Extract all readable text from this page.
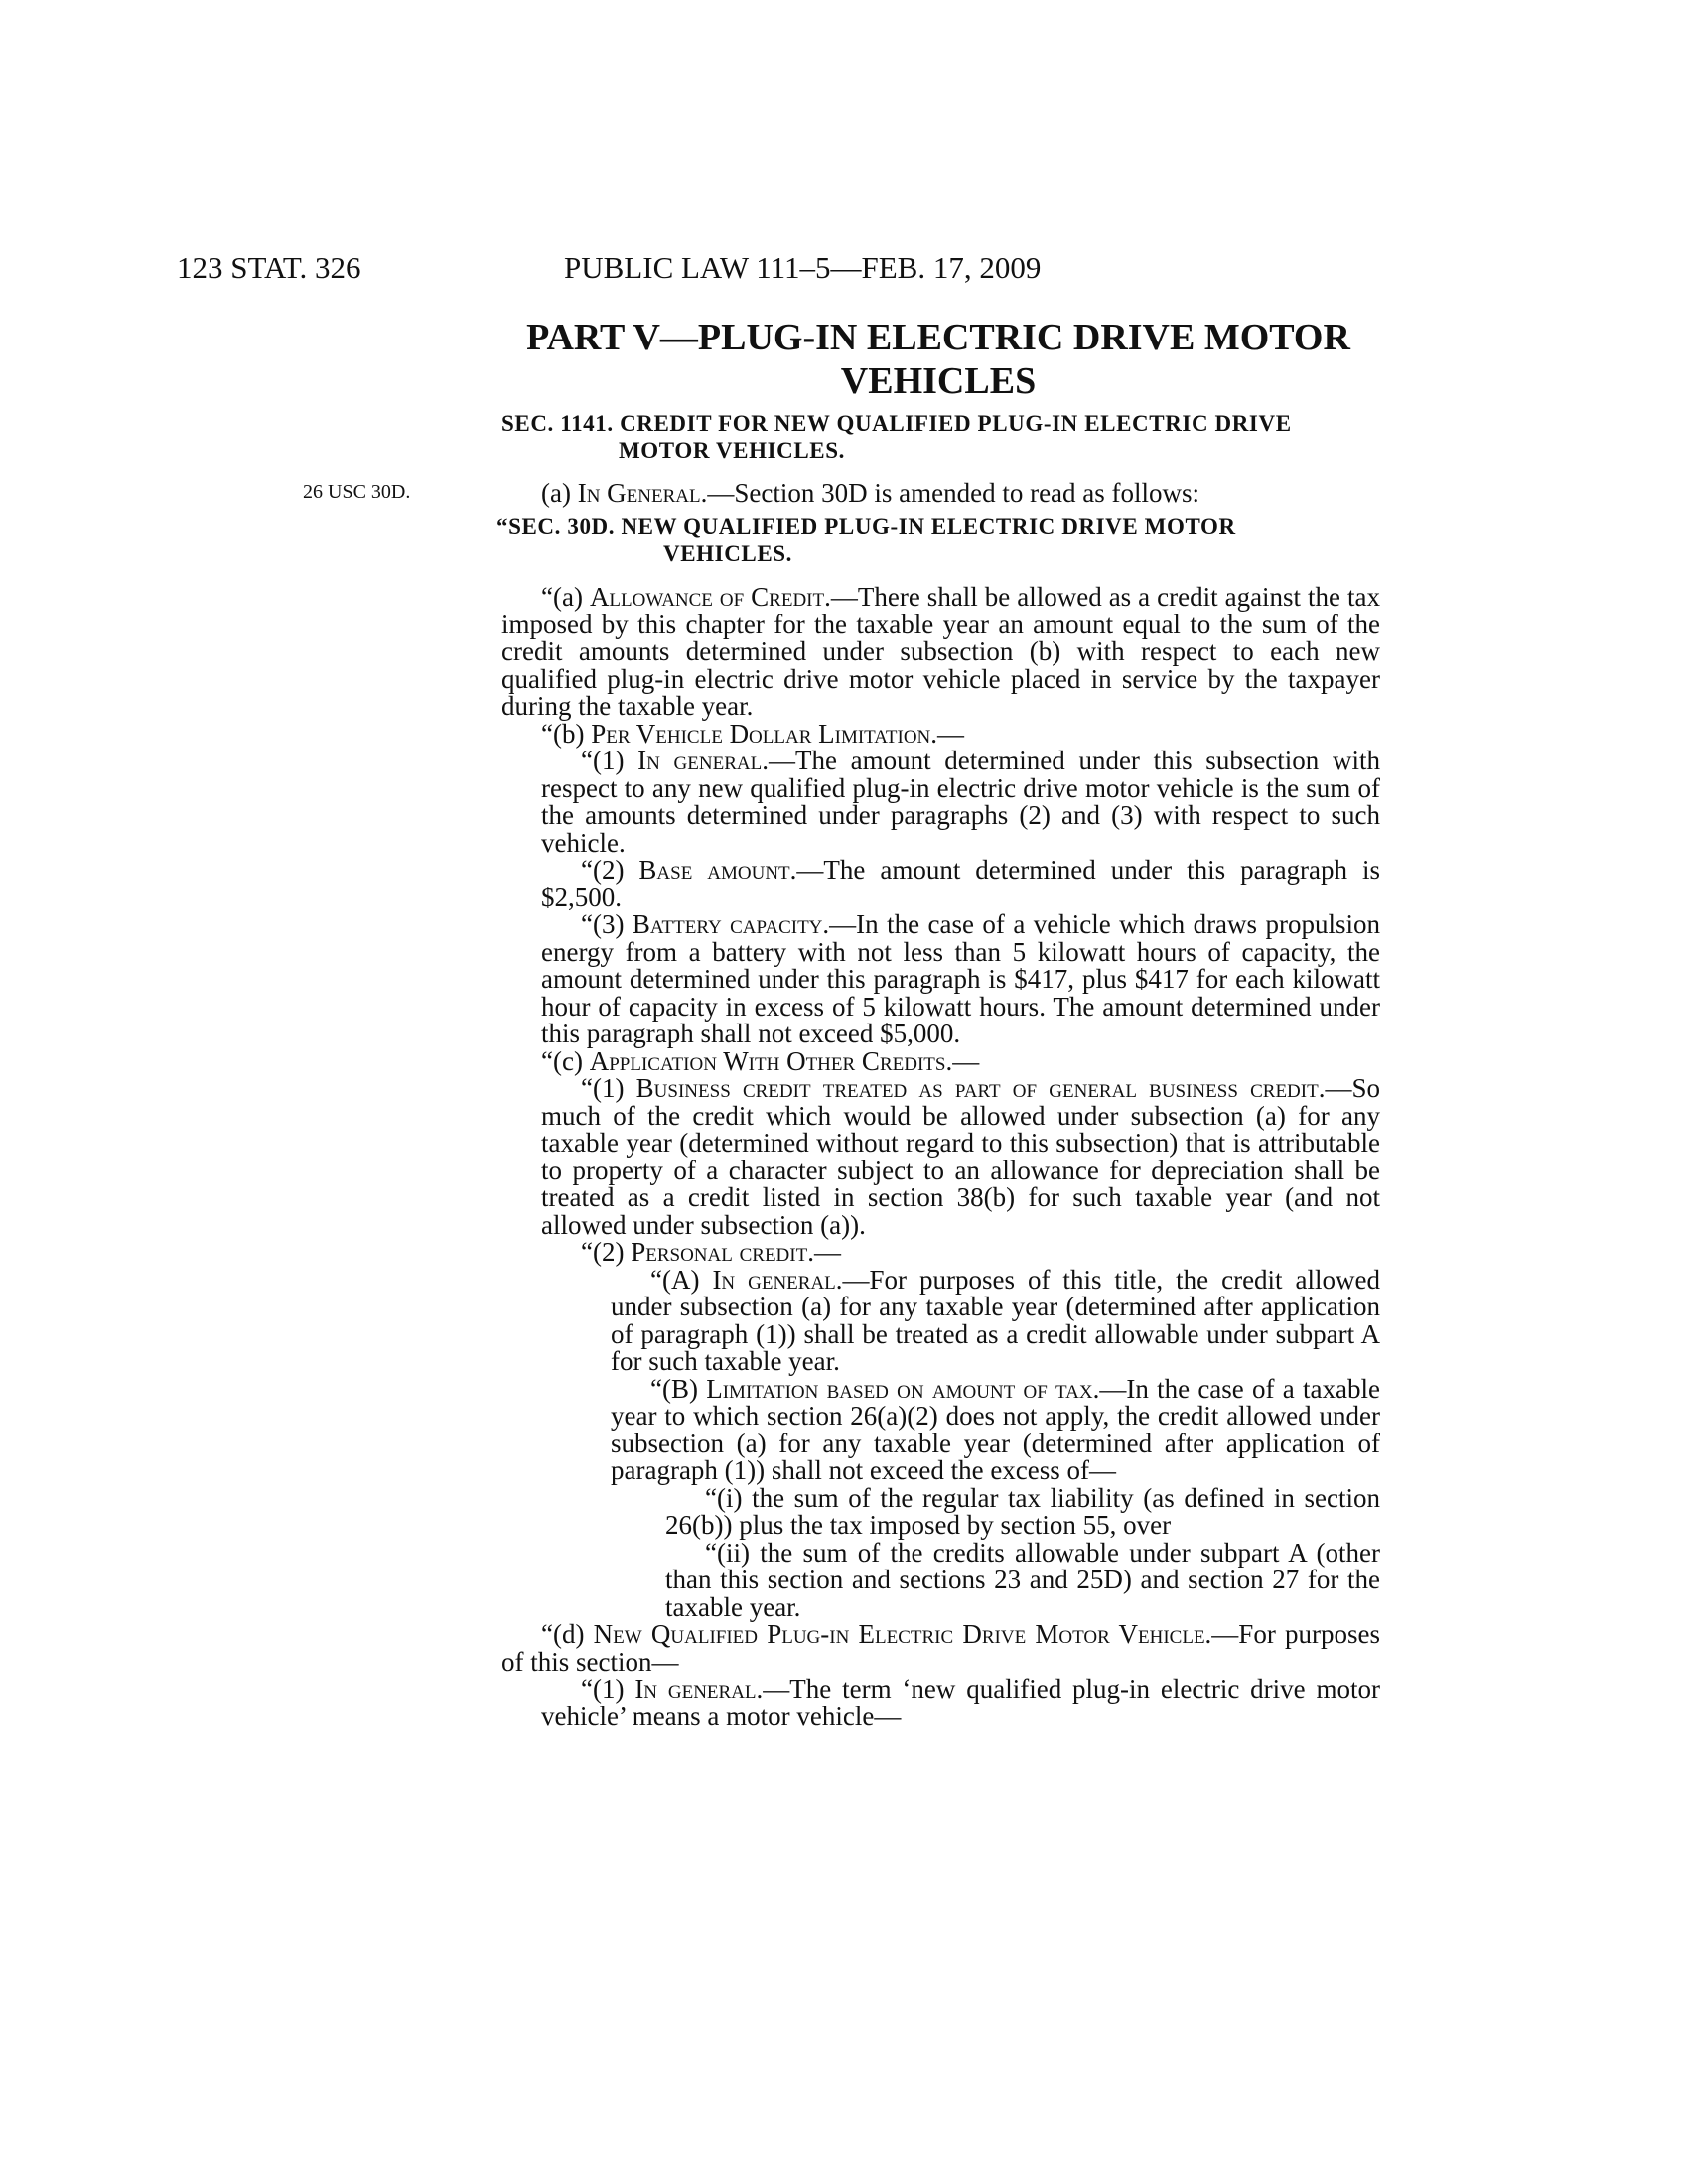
123 STAT. 326	PUBLIC LAW 111–5—FEB. 17, 2009
PART V—PLUG-IN ELECTRIC DRIVE MOTOR
VEHICLES
SEC. 1141. CREDIT FOR NEW QUALIFIED PLUG-IN ELECTRIC DRIVE
MOTOR VEHICLES.
26 USC 30D.	(a) In General.—Section 30D is amended to read as follows:

“(a) Allowance of Credit.—There shall be allowed as a credit against the tax imposed by this chapter for the taxable year an amount equal to the sum of the credit amounts determined under subsection (b) with respect to each new qualified plug-in electric drive motor vehicle placed in service by the taxpayer during the taxable year.

“(b) Per Vehicle Dollar Limitation.—

“(1) In general.—The amount determined under this subsection with respect to any new qualified plug-in electric drive motor vehicle is the sum of the amounts determined under paragraphs (2) and (3) with respect to such vehicle.

“(2) Base amount.—The amount determined under this paragraph is $2,500.

“(3) Battery capacity.—In the case of a vehicle which draws propulsion energy from a battery with not less than 5 kilowatt hours of capacity, the amount determined under this paragraph is $417, plus $417 for each kilowatt hour of capacity in excess of 5 kilowatt hours. The amount determined under this paragraph shall not exceed $5,000.

“(c) Application With Other Credits.—

“(1) Business credit treated as part of general business credit.—So much of the credit which would be allowed under subsection (a) for any taxable year (determined without regard to this subsection) that is attributable to property of a character subject to an allowance for depreciation shall be treated as a credit listed in section 38(b) for such taxable year (and not allowed under subsection (a)).

“(2) Personal credit.—

“(A) In general.—For purposes of this title, the credit allowed under subsection (a) for any taxable year (determined after application of paragraph (1)) shall be treated as a credit allowable under subpart A for such taxable year.

“(B) Limitation based on amount of tax.—In the case of a taxable year to which section 26(a)(2) does not apply, the credit allowed under subsection (a) for any taxable year (determined after application of paragraph (1)) shall not exceed the excess of—

“(i) the sum of the regular tax liability (as defined in section 26(b)) plus the tax imposed by section 55, over

“(ii) the sum of the credits allowable under subpart A (other than this section and sections 23 and 25D) and section 27 for the taxable year.

“(d) New Qualified Plug-in Electric Drive Motor Vehicle.—For purposes of this section—

“(1) In general.—The term ‘new qualified plug-in electric drive motor vehicle’ means a motor vehicle—

“SEC. 30D. NEW QUALIFIED PLUG-IN ELECTRIC DRIVE MOTOR
VEHICLES.
